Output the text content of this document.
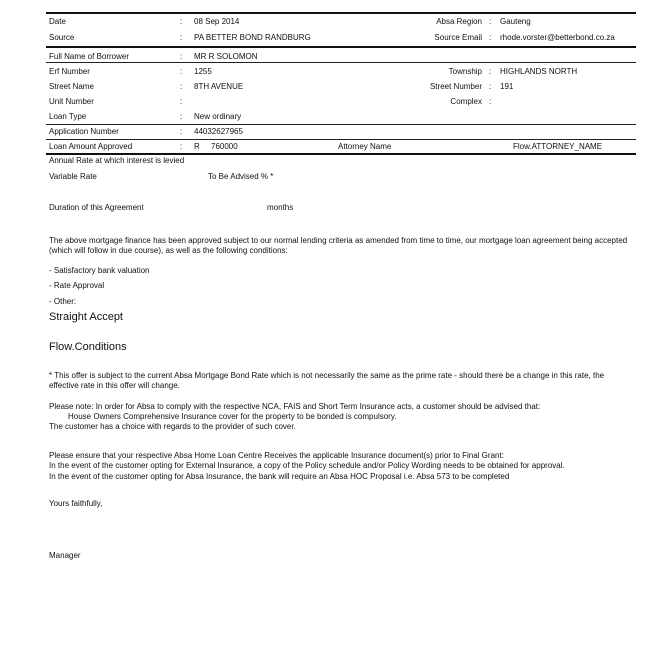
Date	: 08 Sep 2014	Absa Region : Gauteng
Source	: PA BETTER BOND RANDBURG	Source Email : rhode.vorster@betterbond.co.za
Full Name of Borrower	: MR R SOLOMON
Erf Number	: 1255	Township : HIGHLANDS NORTH
Street Name	: 8TH AVENUE	Street Number : 191
Unit Number	:	Complex :
Loan Type	: New ordinary
Application Number	: 44032627965
Loan Amount Approved	: R 760000	Attorney Name	Flow.ATTORNEY_NAME
Annual Rate at which interest is levied
Variable Rate	To Be Advised % *
Duration of this Agreement	months
The above mortgage finance has been approved subject to our normal lending criteria as amended from time to time, our mortgage loan agreement being accepted (which will follow in due course), as well as the following conditions:
- Satisfactory bank valuation
- Rate Approval
- Other:
Straight Accept
Flow.Conditions
* This offer is subject to the current Absa Mortgage Bond Rate which is not necessarily the same as the prime rate - should there be a change in this rate, the effective rate in this offer will change.
Please note: In order for Absa to comply with the respective NCA, FAIS and Short Term Insurance acts, a customer should be advised that:
House Owners Comprehensive Insurance cover for the property to be bonded is compulsory.
The customer has a choice with regards to the provider of such cover.
Please ensure that your respective Absa Home Loan Centre Receives the applicable Insurance document(s) prior to Final Grant:
In the event of the customer opting for External Insurance, a copy of the Policy schedule and/or Policy Wording needs to be obtained for approval.
In the event of the customer opting for Absa Insurance, the bank will require an Absa HOC Proposal i.e. Absa 573 to be completed
Yours faithfully,
Manager
